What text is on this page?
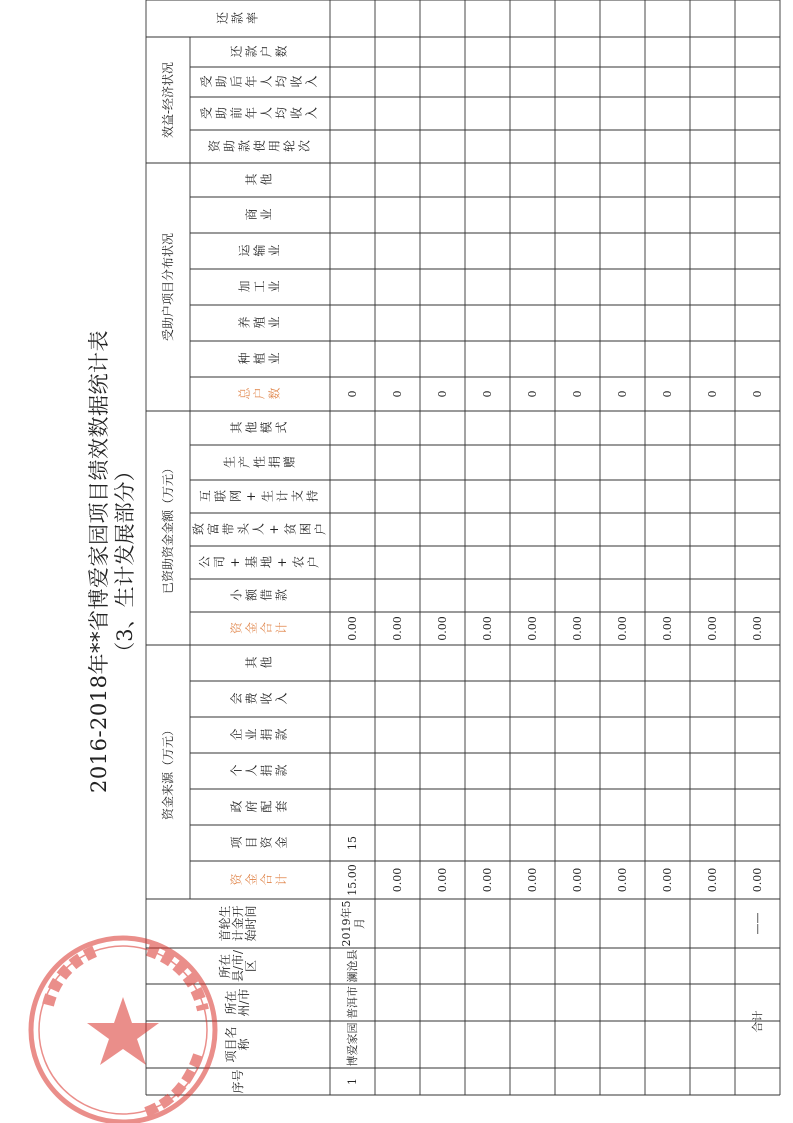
2016-2018年**省博爱家园项目绩效数据统计表 （3、生计发展部分）
资金来源（万元）
已资助资金金额（万元）
受助户项目分布状况
效益-经济状况
序号
项目名称
所在州/市
所在县/市/区
首轮生计金开始时间
资金合计
项目资金
政府配套
个人捐款
企业捐款
会费收入
其他
资金合计
小额借款
公司+基地+农户
致富带头人+贫困户
互联网+生计支持
生产性捐赠
其他模式
总户数
种植业
养殖业
加工业
运输业
商业
其他
资助款使用轮次
受助前年人均收入
受助后年人均收入
还款户数
还款率
1
博爱家园
普洱市
澜沧县
2019年5月
15.00
15
0.00
0
0.00
0.00
0
0.00
0.00
0
0.00
0.00
0
0.00
0.00
0
0.00
0.00
0
0.00
0.00
0
0.00
0.00
0
0.00
0.00
0
合计
——
0.00
0.00
0
